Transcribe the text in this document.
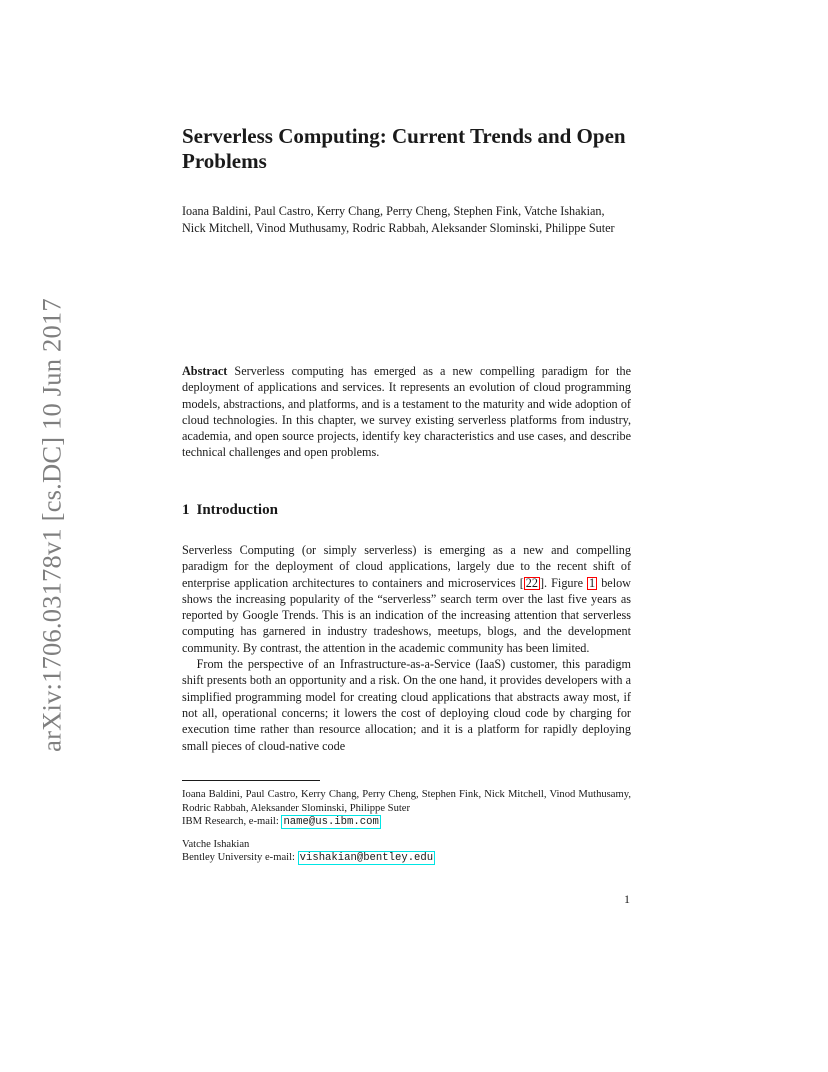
arXiv:1706.03178v1 [cs.DC] 10 Jun 2017
Serverless Computing: Current Trends and Open Problems
Ioana Baldini, Paul Castro, Kerry Chang, Perry Cheng, Stephen Fink, Vatche Ishakian, Nick Mitchell, Vinod Muthusamy, Rodric Rabbah, Aleksander Slominski, Philippe Suter
Abstract Serverless computing has emerged as a new compelling paradigm for the deployment of applications and services. It represents an evolution of cloud programming models, abstractions, and platforms, and is a testament to the maturity and wide adoption of cloud technologies. In this chapter, we survey existing serverless platforms from industry, academia, and open source projects, identify key characteristics and use cases, and describe technical challenges and open problems.
1 Introduction

Serverless Computing (or simply serverless) is emerging as a new and compelling paradigm for the deployment of cloud applications, largely due to the recent shift of enterprise application architectures to containers and microservices [ 22 ]. Figure 1 below shows the increasing popularity of the “serverless” search term over the last five years as reported by Google Trends. This is an indication of the increasing attention that serverless computing has garnered in industry tradeshows, meetups, blogs, and the development community. By contrast, the attention in the academic community has been limited.

From the perspective of an Infrastructure-as-a-Service (IaaS) customer, this paradigm shift presents both an opportunity and a risk. On the one hand, it provides developers with a simplified programming model for creating cloud applications that abstracts away most, if not all, operational concerns; it lowers the cost of deploying cloud code by charging for execution time rather than resource allocation; and it is a platform for rapidly deploying small pieces of cloud-native code

Ioana Baldini, Paul Castro, Kerry Chang, Perry Cheng, Stephen Fink, Nick Mitchell, Vinod Muthusamy, Rodric Rabbah, Aleksander Slominski, Philippe Suter

IBM Research, e-mail: name@us.ibm.com

Vatche Ishakian

Bentley University e-mail: vishakian@bentley.edu

1
